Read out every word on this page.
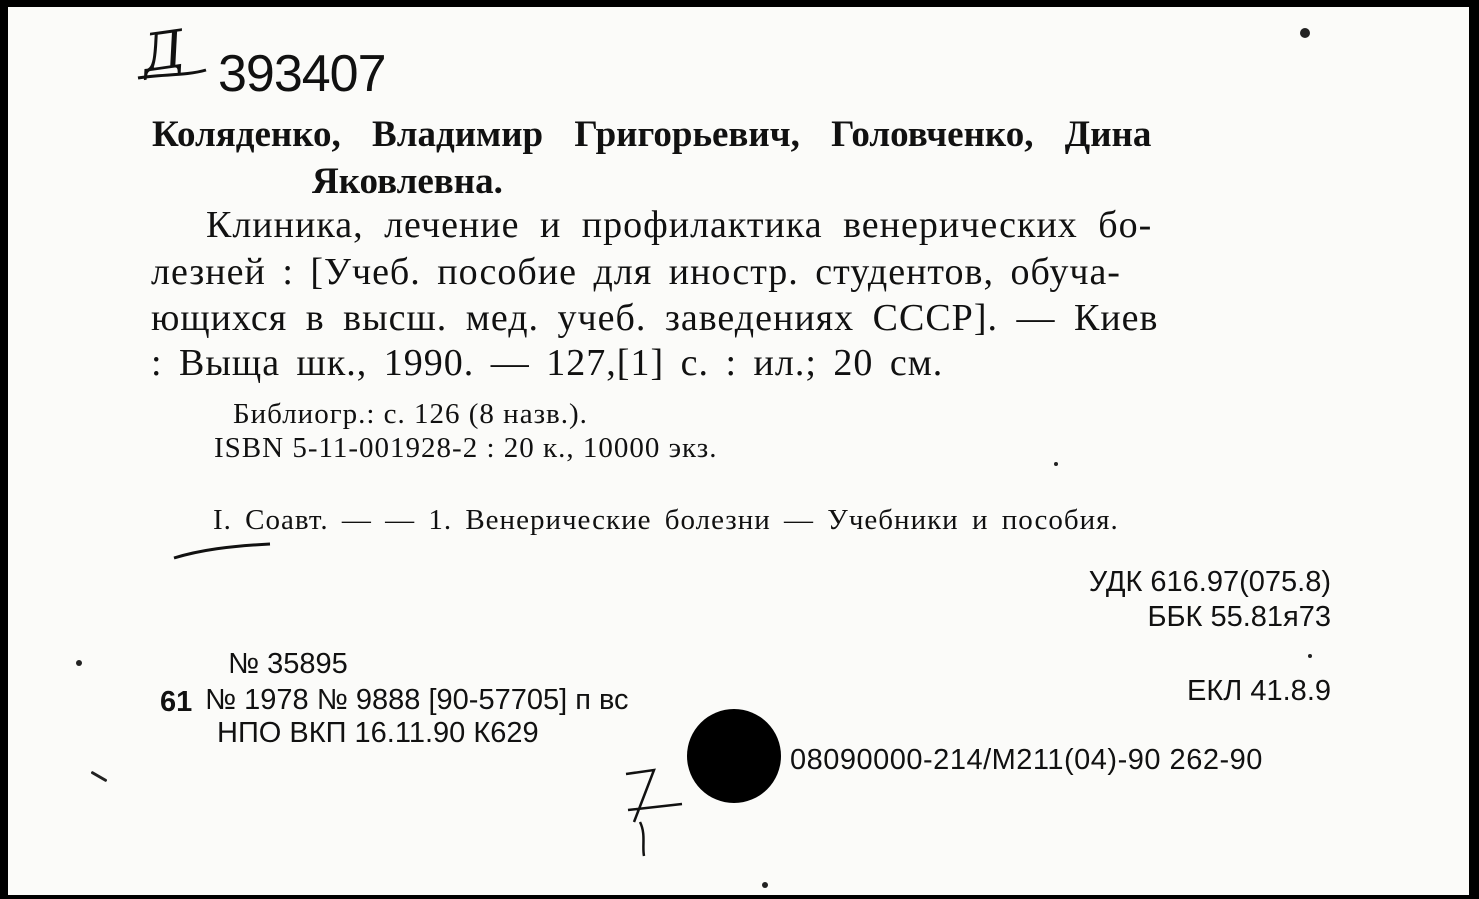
Д 393407
Коляденко, Владимир Григорьевич, Головченко, Дина
Яковлевна.
Клиника, лечение и профилактика венерических бо-
лезней : [Учеб. пособие для иностр. студентов, обуча-
ющихся в высш. мед. учеб. заведениях СССР]. — Киев
: Выща шк., 1990. — 127,[1] с. : ил.; 20 см.
Библиогр.: с. 126 (8 назв.).
ISBN 5-11-001928-2 : 20 к., 10000 экз.
I. Соавт. — — 1. Венерические болезни — Учебники и пособия.
УДК 616.97(075.8)
ББК 55.81я73
ЕКЛ 41.8.9
№ 35895
61 № 1978 № 9888 [90-57705] п вс
НПО ВКП 16.11.90 К629
08090000-214/М211(04)-90 262-90
